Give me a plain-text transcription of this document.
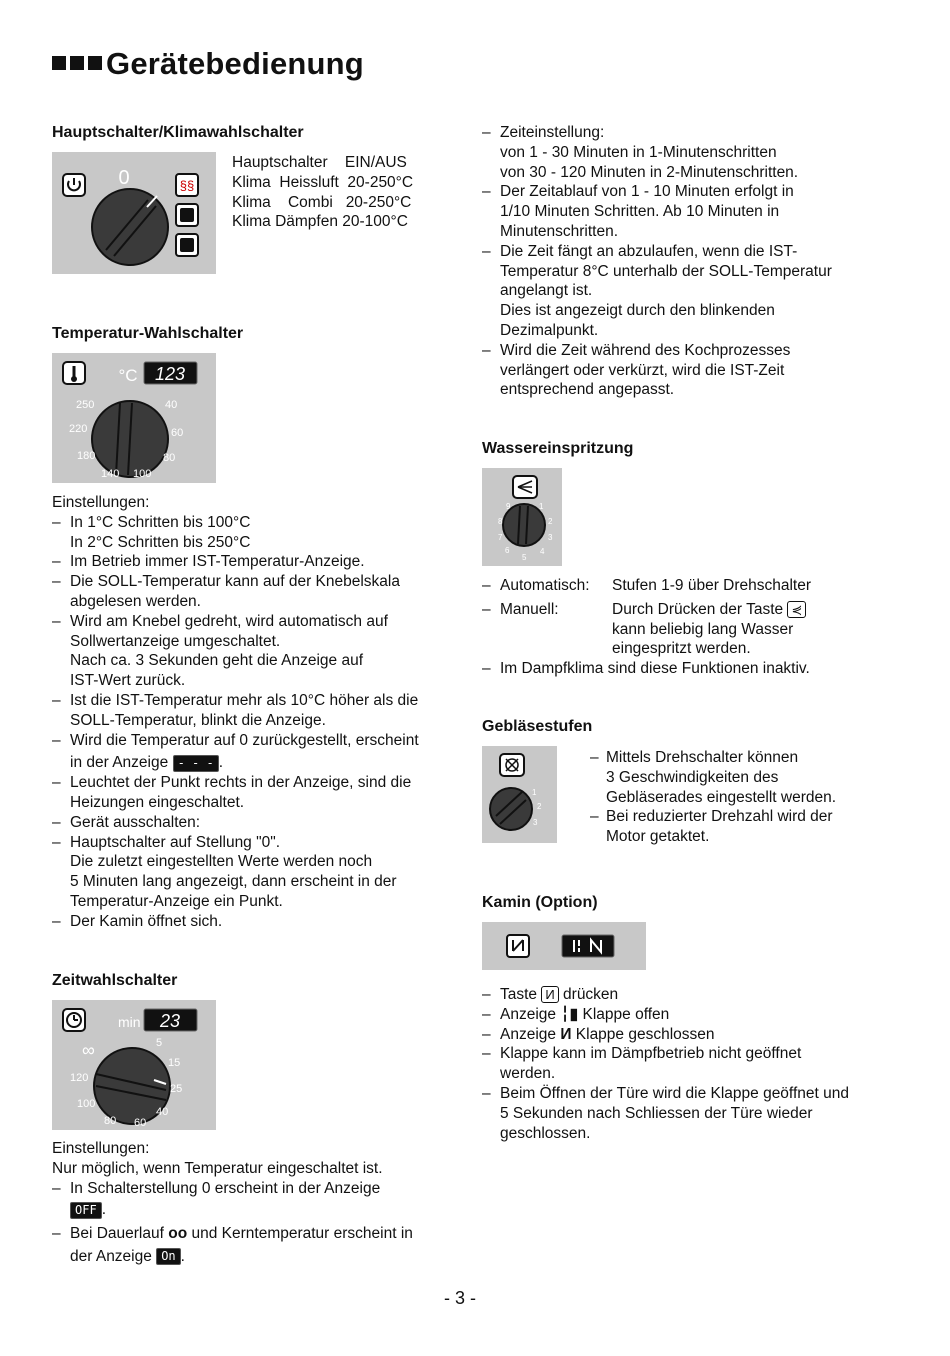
Gerätebedienung
Hauptschalter/Klimawahlschalter
0	§§
Hauptschalter    EIN/AUS
Klima  Heissluft  20-250°C
Klima    Combi   20-250°C
Klima Dämpfen 20-100°C
Temperatur-Wahlschalter
°C 123
250
220
180
140 100
80
60
40
Einstellungen:
– In 1°C Schritten bis 100°C
In 2°C Schritten bis 250°C
– Im Betrieb immer IST-Temperatur-Anzeige.
– Die SOLL-Temperatur kann auf der Knebelskala
abgelesen werden.
– Wird am Knebel gedreht, wird automatisch auf
Sollwertanzeige umgeschaltet.
Nach ca. 3 Sekunden geht die Anzeige auf
IST-Wert zurück.
– Ist die IST-Temperatur mehr als 10°C höher als die
SOLL-Temperatur, blinkt die Anzeige.
– Wird die Temperatur auf 0 zurückgestellt, erscheint
in der Anzeige - - - .
– Leuchtet der Punkt rechts in der Anzeige, sind die
Heizungen eingeschaltet.
– Gerät ausschalten:
– Hauptschalter auf Stellung "0".
Die zuletzt eingestellten Werte werden noch
5 Minuten lang angezeigt, dann erscheint in der
Temperatur-Anzeige ein Punkt.
– Der Kamin öffnet sich.
Zeitwahlschalter
min 23
∞
120
100
80 60
40
25
15
5
Einstellungen:
Nur möglich, wenn Temperatur eingeschaltet ist.
– In Schalterstellung 0 erscheint in der Anzeige
OFF .
– Bei Dauerlauf oo und Kerntemperatur erscheint in
der Anzeige On .
– Zeiteinstellung:
von 1 - 30 Minuten in 1-Minutenschritten
von 30 - 120 Minuten in 2-Minutenschritten.
– Der Zeitablauf von 1 - 10 Minuten erfolgt in
1/10 Minuten Schritten. Ab 10 Minuten in
Minutenschritten.
– Die Zeit fängt an abzulaufen, wenn die IST-
Temperatur 8°C unterhalb der SOLL-Temperatur
angelangt ist.
Dies ist angezeigt durch den blinkenden
Dezimalpunkt.
– Wird die Zeit während des Kochprozesses
verlängert oder verkürzt, wird die IST-Zeit
entsprechend angepasst.
Wassereinspritzung
9	1
2
3
4
5
6
7
8
– Automatisch:	Stufen 1-9 über Drehschalter
– Manuell:	Durch Drücken der Taste ⋞
kann beliebig lang Wasser
eingespritzt werden.
– Im Dampfklima sind diese Funktionen inaktiv.
Gebläsestufen
1
2
3
– Mittels Drehschalter können
3 Geschwindigkeiten des
Gebläserades eingestellt werden.
– Bei reduzierter Drehzahl wird der
Motor getaktet.
Kamin (Option)
– Taste И drücken
– Anzeige ╎▮ Klappe offen
– Anzeige И Klappe geschlossen
– Klappe kann im Dämpfbetrieb nicht geöffnet
werden.
– Beim Öffnen der Türe wird die Klappe geöffnet und
5 Sekunden nach Schliessen der Türe wieder
geschlossen.
- 3 -
